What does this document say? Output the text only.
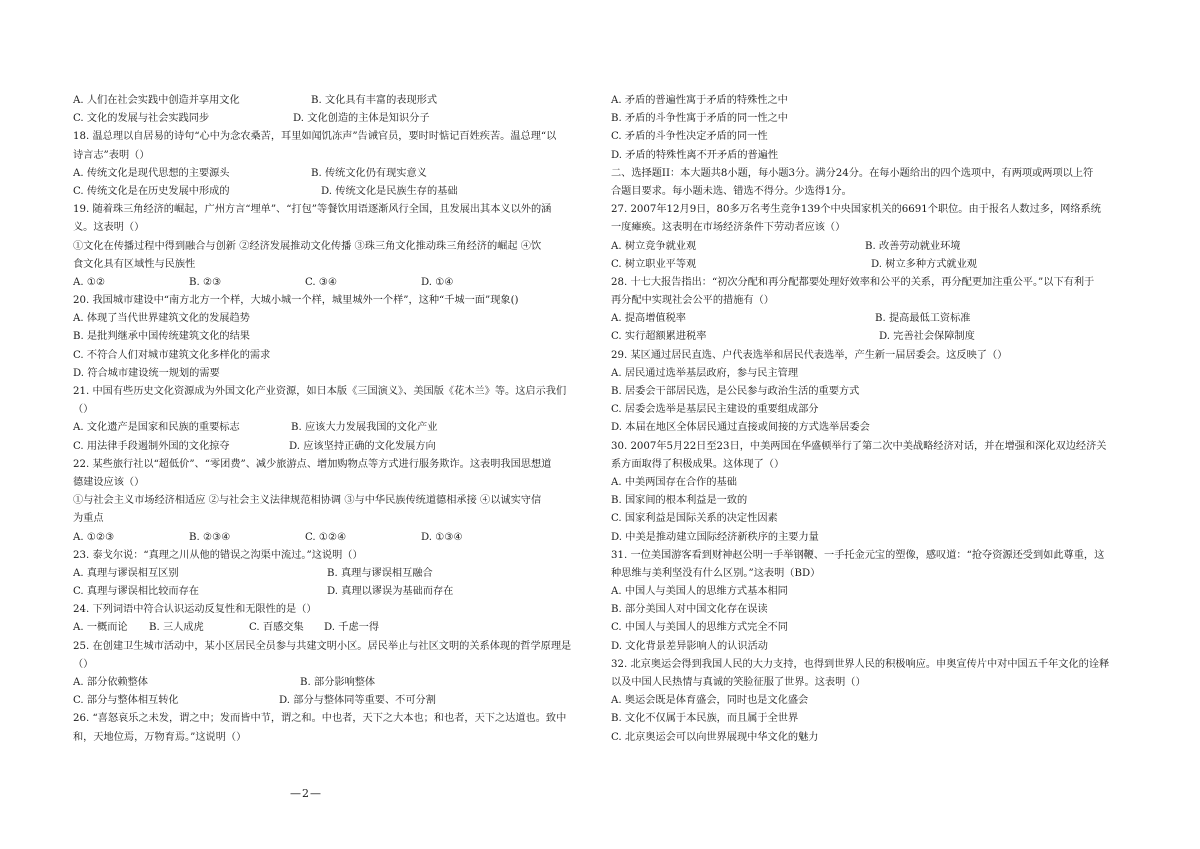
A. 人们在社会实践中创造并享用文化	B. 文化具有丰富的表现形式
C. 文化的发展与社会实践同步	D. 文化创造的主体是知识分子
18. 温总理以自居易的诗句“心中为念农桑苦，耳里如闻饥冻声”告诫官员，要时时惦记百姓疾苦。温总理“以
诗言志”表明（）
A. 传统文化是现代思想的主要源头	B. 传统文化仍有现实意义
C. 传统文化是在历史发展中形成的	D. 传统文化是民族生存的基础
19. 随着珠三角经济的崛起，广州方言“埋单”、“打包”等餐饮用语逐渐风行全国，且发展出其本义以外的涵
义。这表明（）
①文化在传播过程中得到融合与创新 ②经济发展推动文化传播 ③珠三角文化推动珠三角经济的崛起 ④饮
食文化具有区域性与民族性
A. ①②	B. ②③	C. ③④	D. ①④
20. 我国城市建设中“南方北方一个样，大城小城一个样，城里城外一个样”，这种“千城一面”现象()
A. 体现了当代世界建筑文化的发展趋势
B. 是批判继承中国传统建筑文化的结果
C. 不符合人们对城市建筑文化多样化的需求
D. 符合城市建设统一规划的需要
21. 中国有些历史文化资源成为外国文化产业资源，如日本版《三国演义》、美国版《花木兰》等。这启示我们
（）
A. 文化遗产是国家和民族的重要标志	B. 应该大力发展我国的文化产业
C. 用法律手段遏制外国的文化掠夺	D. 应该坚持正确的文化发展方向
22. 某些旅行社以“超低价”、“零团费”、减少旅游点、增加购物点等方式进行服务欺诈。这表明我国思想道
德建设应该（）
①与社会主义市场经济相适应 ②与社会主义法律规范相协调 ③与中华民族传统道德相承接 ④以诚实守信
为重点
A. ①②③	B. ②③④	C. ①②④	D. ①③④
23. 泰戈尔说：“真理之川从他的错误之沟渠中流过。”这说明（）
A. 真理与谬误相互区别	B. 真理与谬误相互融合
C. 真理与谬误相比较而存在	D. 真理以谬误为基础而存在
24. 下列词语中符合认识运动反复性和无限性的是（）
A. 一概而论	B. 三人成虎	C. 百感交集	D. 千虑一得
25. 在创建卫生城市活动中，某小区居民全员参与共建文明小区。居民举止与社区文明的关系体现的哲学原理是
（）
A. 部分依赖整体	B. 部分影响整体
C. 部分与整体相互转化	D. 部分与整体同等重要、不可分割
26. “喜怒哀乐之未发，谓之中；发而皆中节，谓之和。中也者，天下之大本也；和也者，天下之达道也。致中
和，天地位焉，万物育焉。”这说明（）
A. 矛盾的普遍性寓于矛盾的特殊性之中
B. 矛盾的斗争性寓于矛盾的同一性之中
C. 矛盾的斗争性决定矛盾的同一性
D. 矛盾的特殊性离不开矛盾的普遍性
二、选择题II：本大题共8小题，每小题3分。满分24分。在每小题给出的四个选项中，有两项或两项以上符
合题目要求。每小题未选、错选不得分。少选得1分。
27. 2007年12月9日，80多万名考生竞争139个中央国家机关的6691个职位。由于报名人数过多，网络系统
一度瘫痪。这表明在市场经济条件下劳动者应该（）
A. 树立竞争就业观	B. 改善劳动就业环境
C. 树立职业平等观	D. 树立多种方式就业观
28. 十七大报告指出：“初次分配和再分配都要处理好效率和公平的关系，再分配更加注重公平。”以下有利于
再分配中实现社会公平的措施有（）
A. 提高增值税率	B. 提高最低工资标准
C. 实行超额累进税率	D. 完善社会保障制度
29. 某区通过居民直选、户代表选举和居民代表选举，产生新一届居委会。这反映了（）
A. 居民通过选举基层政府，参与民主管理
B. 居委会干部居民选，是公民参与政治生活的重要方式
C. 居委会选举是基层民主建设的重要组成部分
D. 本届在地区全体居民通过直接或间接的方式选举居委会
30. 2007年5月22日至23日，中美两国在华盛顿举行了第二次中美战略经济对话，并在增强和深化双边经济关
系方面取得了积极成果。这体现了（）
A. 中美两国存在合作的基础
B. 国家间的根本利益是一致的
C. 国家利益是国际关系的决定性因素
D. 中美是推动建立国际经济新秩序的主要力量
31. 一位美国游客看到财神赵公明一手举钢鞭、一手托金元宝的塑像，感叹道：“抢夺资源还受到如此尊重，这
种思维与美利坚没有什么区别。”这表明（BD）
A. 中国人与美国人的思维方式基本相同
B. 部分美国人对中国文化存在误读
C. 中国人与美国人的思维方式完全不同
D. 文化背景差异影响人的认识活动
32. 北京奥运会得到我国人民的大力支持，也得到世界人民的积极响应。申奥宣传片中对中国五千年文化的诠释
以及中国人民热情与真诚的笑脸征服了世界。这表明（）
A. 奥运会既是体育盛会，同时也是文化盛会
B. 文化不仅属于本民族，而且属于全世界
C. 北京奥运会可以向世界展现中华文化的魅力
—2—
